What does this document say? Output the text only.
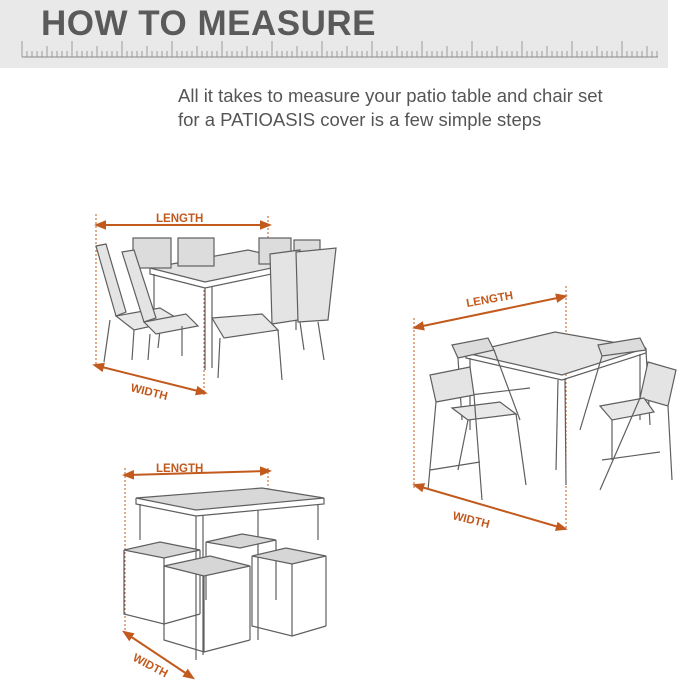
HOW TO MEASURE
All it takes to measure your patio table and chair set
for a PATIOASIS cover is a few simple steps
LENGTH
WIDTH
LENGTH
WIDTH
LENGTH
WIDTH
